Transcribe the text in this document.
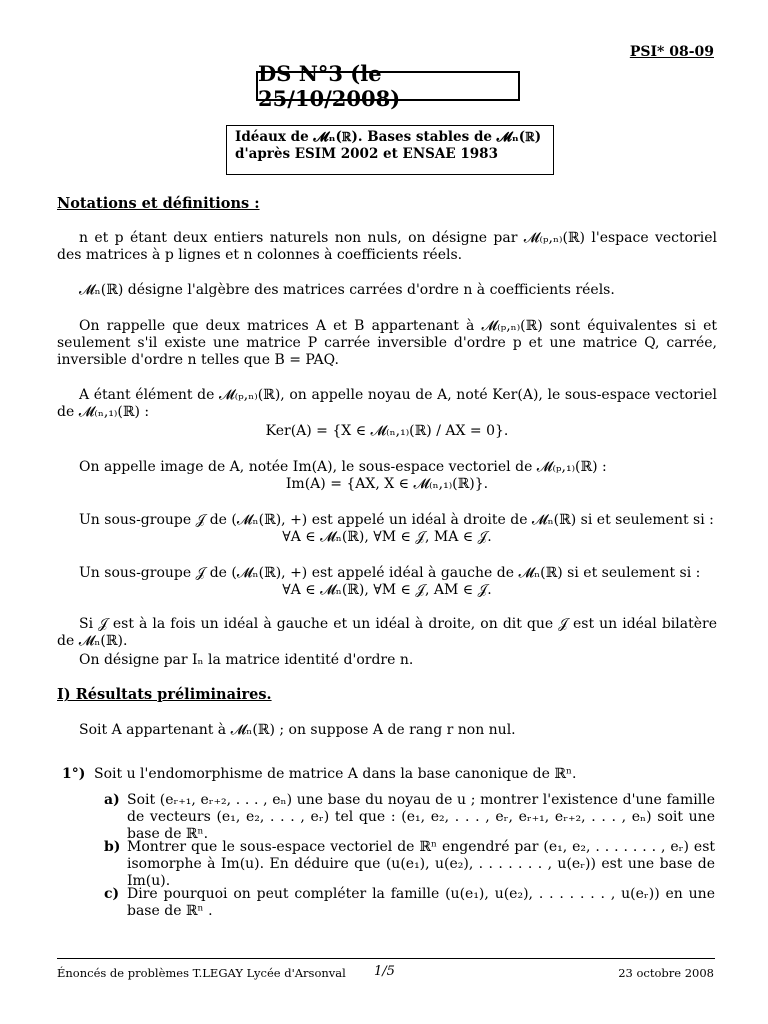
PSI* 08-09
DS N°3 (le 25/10/2008)
Idéaux de 𝓜ₙ(ℝ). Bases stables de 𝓜ₙ(ℝ)
d'après ESIM 2002 et ENSAE 1983
Notations et définitions :
n et p étant deux entiers naturels non nuls, on désigne par 𝓜₍ₚ,ₙ₎(ℝ) l'espace vectoriel des matrices à p lignes et n colonnes à coefficients réels.
𝓜ₙ(ℝ) désigne l'algèbre des matrices carrées d'ordre n à coefficients réels.
On rappelle que deux matrices A et B appartenant à 𝓜₍ₚ,ₙ₎(ℝ) sont équivalentes si et seulement s'il existe une matrice P carrée inversible d'ordre p et une matrice Q, carrée, inversible d'ordre n telles que B = PAQ.
A étant élément de 𝓜₍ₚ,ₙ₎(ℝ), on appelle noyau de A, noté Ker(A), le sous-espace vectoriel de 𝓜₍ₙ,₁₎(ℝ) :
Ker(A) = {X ∈ 𝓜₍ₙ,₁₎(ℝ) / AX = 0}.
On appelle image de A, notée Im(A), le sous-espace vectoriel de 𝓜₍ₚ,₁₎(ℝ) :
Im(A) = {AX, X ∈ 𝓜₍ₙ,₁₎(ℝ)}.
Un sous-groupe 𝒥 de (𝓜ₙ(ℝ), +) est appelé un idéal à droite de 𝓜ₙ(ℝ) si et seulement si :
∀A ∈ 𝓜ₙ(ℝ), ∀M ∈ 𝒥, MA ∈ 𝒥.
Un sous-groupe 𝒥 de (𝓜ₙ(ℝ), +) est appelé idéal à gauche de 𝓜ₙ(ℝ) si et seulement si :
∀A ∈ 𝓜ₙ(ℝ), ∀M ∈ 𝒥, AM ∈ 𝒥.
Si 𝒥 est à la fois un idéal à gauche et un idéal à droite, on dit que 𝒥 est un idéal bilatère de 𝓜ₙ(ℝ).
On désigne par Iₙ la matrice identité d'ordre n.
I) Résultats préliminaires.
Soit A appartenant à 𝓜ₙ(ℝ) ; on suppose A de rang r non nul.
1°) Soit u l'endomorphisme de matrice A dans la base canonique de ℝⁿ.
a) Soit (eᵣ₊₁, eᵣ₊₂, . . . , eₙ) une base du noyau de u ; montrer l'existence d'une famille de vecteurs (e₁, e₂, . . . , eᵣ) tel que : (e₁, e₂, . . . , eᵣ, eᵣ₊₁, eᵣ₊₂, . . . , eₙ) soit une base de ℝⁿ.
b) Montrer que le sous-espace vectoriel de ℝⁿ engendré par (e₁, e₂, . . . . . . . , eᵣ) est isomorphe à Im(u). En déduire que (u(e₁), u(e₂), . . . . . . . , u(eᵣ)) est une base de Im(u).
c) Dire pourquoi on peut compléter la famille (u(e₁), u(e₂), . . . . . . . , u(eᵣ)) en une base de ℝⁿ .
Énoncés de problèmes T.LEGAY Lycée d'Arsonval 1/5	23 octobre 2008
